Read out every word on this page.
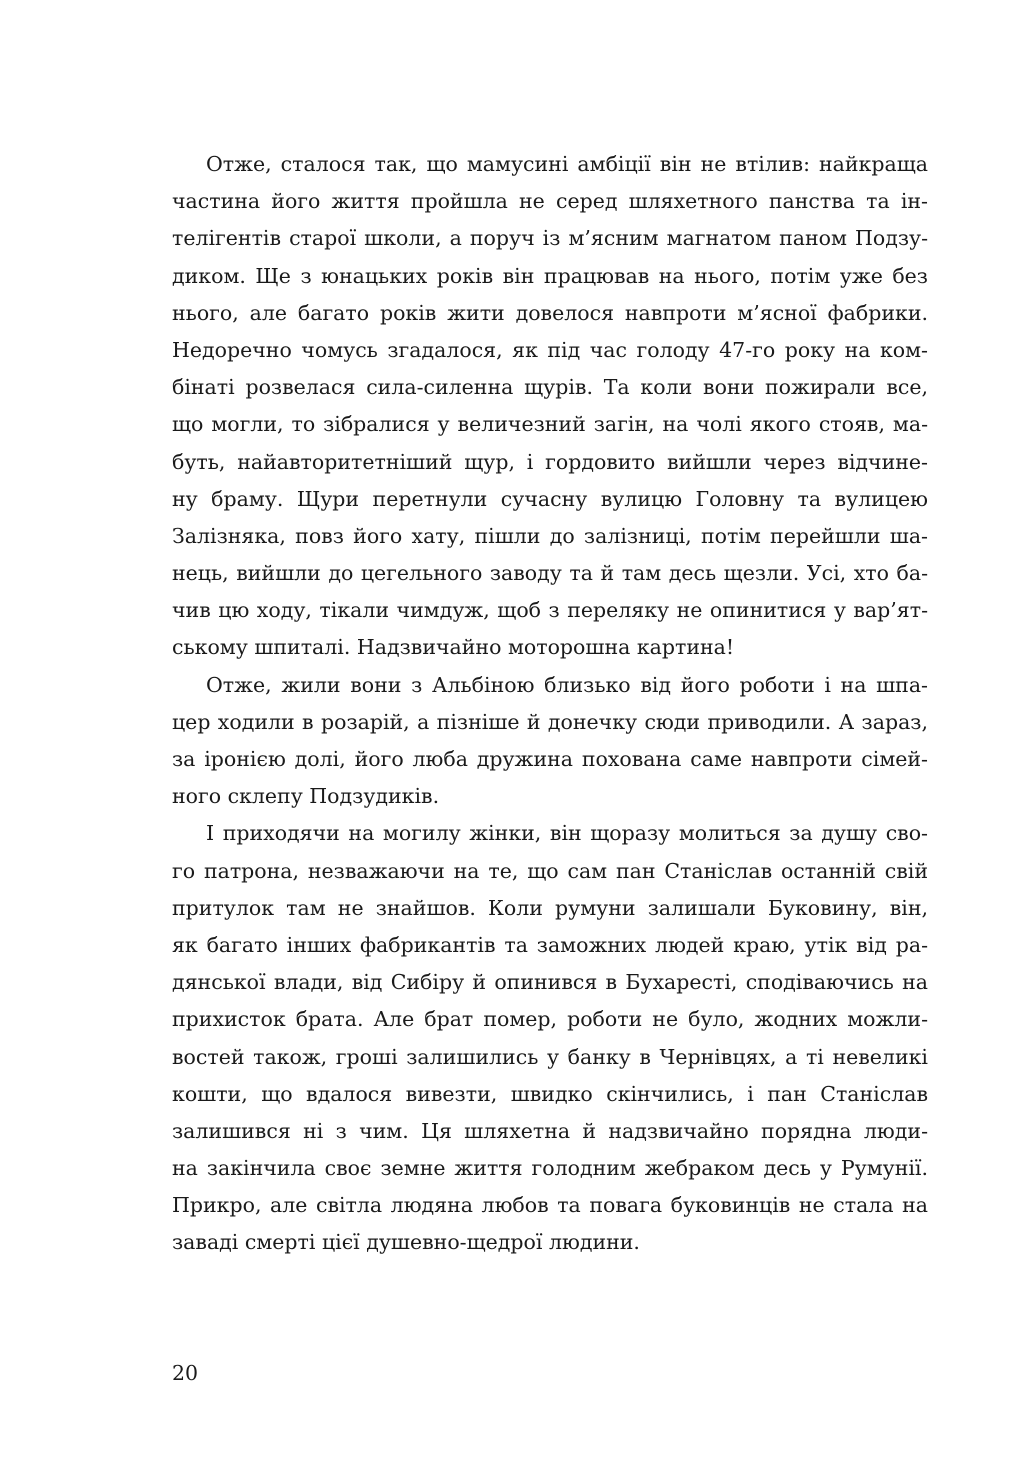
Отже, сталося так, що мамусині амбіції він не втілив: найкраща
частина його життя пройшла не серед шляхетного панства та ін-
телігентів старої школи, а поруч із м’ясним магнатом паном Подзу-
диком. Ще з юнацьких років він працював на нього, потім уже без
нього, але багато років жити довелося навпроти м’ясної фабрики.
Недоречно чомусь згадалося, як під час голоду 47-го року на ком-
бінаті розвелася сила-силенна щурів. Та коли вони пожирали все,
що могли, то зібралися у величезний загін, на чолі якого стояв, ма-
буть, найавторитетніший щур, і гордовито вийшли через відчинe-
ну браму. Щури перетнули сучасну вулицю Головну та вулицею
Залізняка, повз його хату, пішли до залізниці, потім перейшли ша-
нець, вийшли до цегельного заводу та й там десь щезли. Усі, хто ба-
чив цю ходу, тікали чимдуж, щоб з переляку не опинитися у вар’ят-
ському шпиталі. Надзвичайно моторошна картина!
Отже, жили вони з Альбіною близько від його роботи і на шпа-
цер ходили в розарій, а пізніше й донечку сюди приводили. А зараз,
за іронією долі, його люба дружина похована саме навпроти сімей-
ного склепу Подзудиків.
І приходячи на могилу жінки, він щоразу молиться за душу сво-
го патрона, незважаючи на те, що сам пан Станіслав останній свій
притулок там не знайшов. Коли румуни залишали Буковину, він,
як багато інших фабрикантів та заможних людей краю, утік від ра-
дянської влади, від Сибіру й опинився в Бухаресті, сподіваючись на
прихисток брата. Але брат помер, роботи не було, жодних можли-
востей також, гроші залишились у банку в Чернівцях, а ті невеликі
кошти, що вдалося вивезти, швидко скінчились, і пан Станіслав
залишився ні з чим. Ця шляхетна й надзвичайно порядна люди-
на закінчила своє земне життя голодним жебраком десь у Румунії.
Прикро, але світла людяна любов та повага буковинців не стала на
заваді смерті цієї душевно-щедрої людини.
20
